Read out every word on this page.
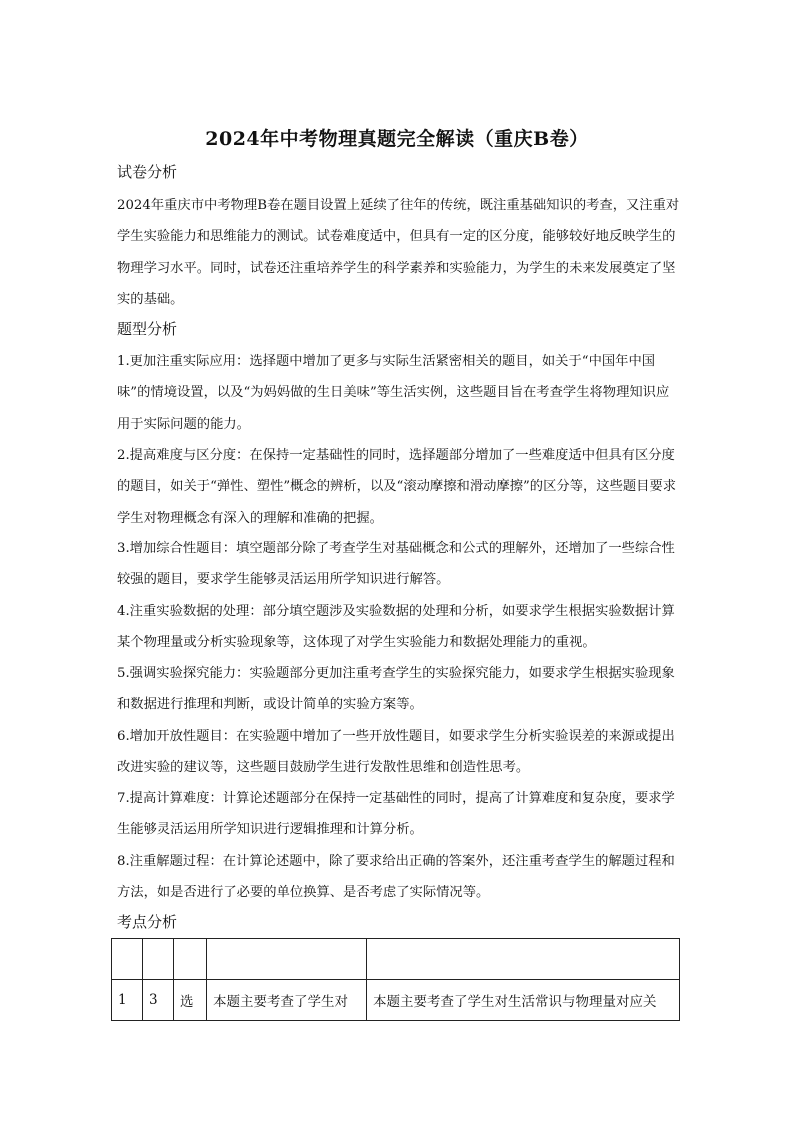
2024年中考物理真题完全解读（重庆B卷）
试卷分析
2024年重庆市中考物理B卷在题目设置上延续了往年的传统，既注重基础知识的考查，又注重对学生实验能力和思维能力的测试。试卷难度适中，但具有一定的区分度，能够较好地反映学生的物理学习水平。同时，试卷还注重培养学生的科学素养和实验能力，为学生的未来发展奠定了坚实的基础。
题型分析
1.更加注重实际应用：选择题中增加了更多与实际生活紧密相关的题目，如关于“中国年中国味”的情境设置，以及“为妈妈做的生日美味”等生活实例，这些题目旨在考查学生将物理知识应用于实际问题的能力。
2.提高难度与区分度：在保持一定基础性的同时，选择题部分增加了一些难度适中但具有区分度的题目，如关于“弹性、塑性”概念的辨析，以及“滚动摩擦和滑动摩擦”的区分等，这些题目要求学生对物理概念有深入的理解和准确的把握。
3.增加综合性题目：填空题部分除了考查学生对基础概念和公式的理解外，还增加了一些综合性较强的题目，要求学生能够灵活运用所学知识进行解答。
4.注重实验数据的处理：部分填空题涉及实验数据的处理和分析，如要求学生根据实验数据计算某个物理量或分析实验现象等，这体现了对学生实验能力和数据处理能力的重视。
5.强调实验探究能力：实验题部分更加注重考查学生的实验探究能力，如要求学生根据实验现象和数据进行推理和判断，或设计简单的实验方案等。
6.增加开放性题目：在实验题中增加了一些开放性题目，如要求学生分析实验误差的来源或提出改进实验的建议等，这些题目鼓励学生进行发散性思维和创造性思考。
7.提高计算难度：计算论述题部分在保持一定基础性的同时，提高了计算难度和复杂度，要求学生能够灵活运用所学知识进行逻辑推理和计算分析。
8.注重解题过程：在计算论述题中，除了要求给出正确的答案外，还注重考查学生的解题过程和方法，如是否进行了必要的单位换算、是否考虑了实际情况等。
考点分析

1	3	选	本题主要考查了学生对	本题主要考查了学生对生活常识与物理量对应关
